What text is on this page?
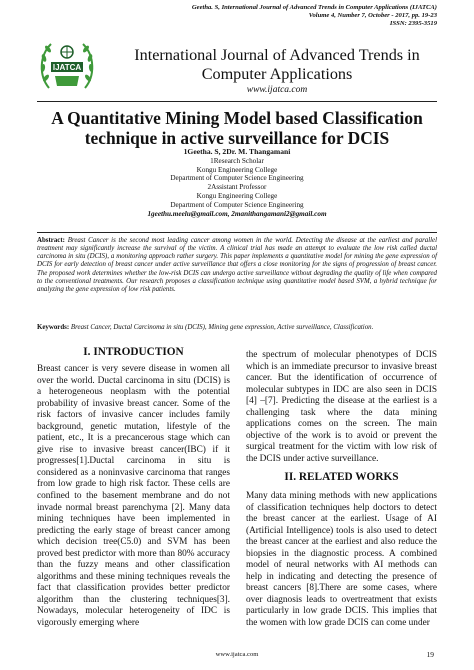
Geetha. S, International Journal of Advanced Trends in Computer Applications (IJATCA)
Volume 4, Number 7, October - 2017, pp. 19-23
ISSN: 2395-3519
IJATCA
International Journal of Advanced Trends in Computer Applications
www.ijatca.com
A Quantitative Mining Model based Classification technique in active surveillance for DCIS
1Geetha. S, 2Dr. M. Thangamani
1Research Scholar
Kongu Engineering College
Department of Computer Science Engineering
2Assistant Professor
Kongu Engineering College
Department of Computer Science Engineering
1geethu.meelu@gmail.com, 2manithangamani2@gmail.com
Abstract: Breast Cancer is the second most leading cancer among women in the world. Detecting the disease at the earliest and parallel treatment may significantly increase the survival of the victim. A clinical trial has made an attempt to evaluate the low risk called ductal carcinoma in situ (DCIS), a monitoring approach rather surgery. This paper implements a quantitative model for mining the gene expression of DCIS for early detection of breast cancer under active surveillance that offers a close monitoring for the signs of progression of breast cancer. The proposed work determines whether the low-risk DCIS can undergo active surveillance without degrading the quality of life when compared to the conventional treatments. Our research proposes a classification technique using quantitative model based SVM, a hybrid technique for analyzing the gene expression of low risk patients.
Keywords: Breast Cancer, Ductal Carcinoma in situ (DCIS), Mining gene expression, Active surveillance, Classification.
I. INTRODUCTION

Breast cancer is very severe disease in women all over the world. Ductal carcinoma in situ (DCIS) is a heterogeneous neoplasm with the potential probability of invasive breast cancer. Some of the risk factors of invasive cancer includes family background, genetic mutation, lifestyle of the patient, etc., It is a precancerous stage which can give rise to invasive breast cancer(IBC) if it progresses[1].Ductal carcinoma in situ is considered as a noninvasive carcinoma that ranges from low grade to high risk factor. These cells are confined to the basement membrane and do not invade normal breast parenchyma [2]. Many data mining techniques have been implemented in predicting the early stage of breast cancer among which decision tree(C5.0) and SVM has been proved best predictor with more than 80% accuracy than the fuzzy means and other classification algorithms and these mining techniques reveals the fact that classification provides better predictor algorithm than the clustering techniques[3]. Nowadays, molecular heterogeneity of IDC is vigorously emerging where

the spectrum of molecular phenotypes of DCIS which is an immediate precursor to invasive breast cancer. But the identification of occurrence of molecular subtypes in IDC are also seen in DCIS [4] –[7]. Predicting the disease at the earliest is a challenging task where the data mining applications comes on the screen. The main objective of the work is to avoid or prevent the surgical treatment for the victim with low risk of the DCIS under active surveillance.

II. RELATED WORKS

Many data mining methods with new applications of classification techniques help doctors to detect the breast cancer at the earliest. Usage of AI (Artificial Intelligence) tools is also used to detect the breast cancer at the earliest and also reduce the biopsies in the diagnostic process. A combined model of neural networks with AI methods can help in indicating and detecting the presence of breast cancers [8].There are some cases, where over diagnosis leads to overtreatment that exists particularly in low grade DCIS. This implies that the women with low grade DCIS can come under

www.ijatca.com	19
